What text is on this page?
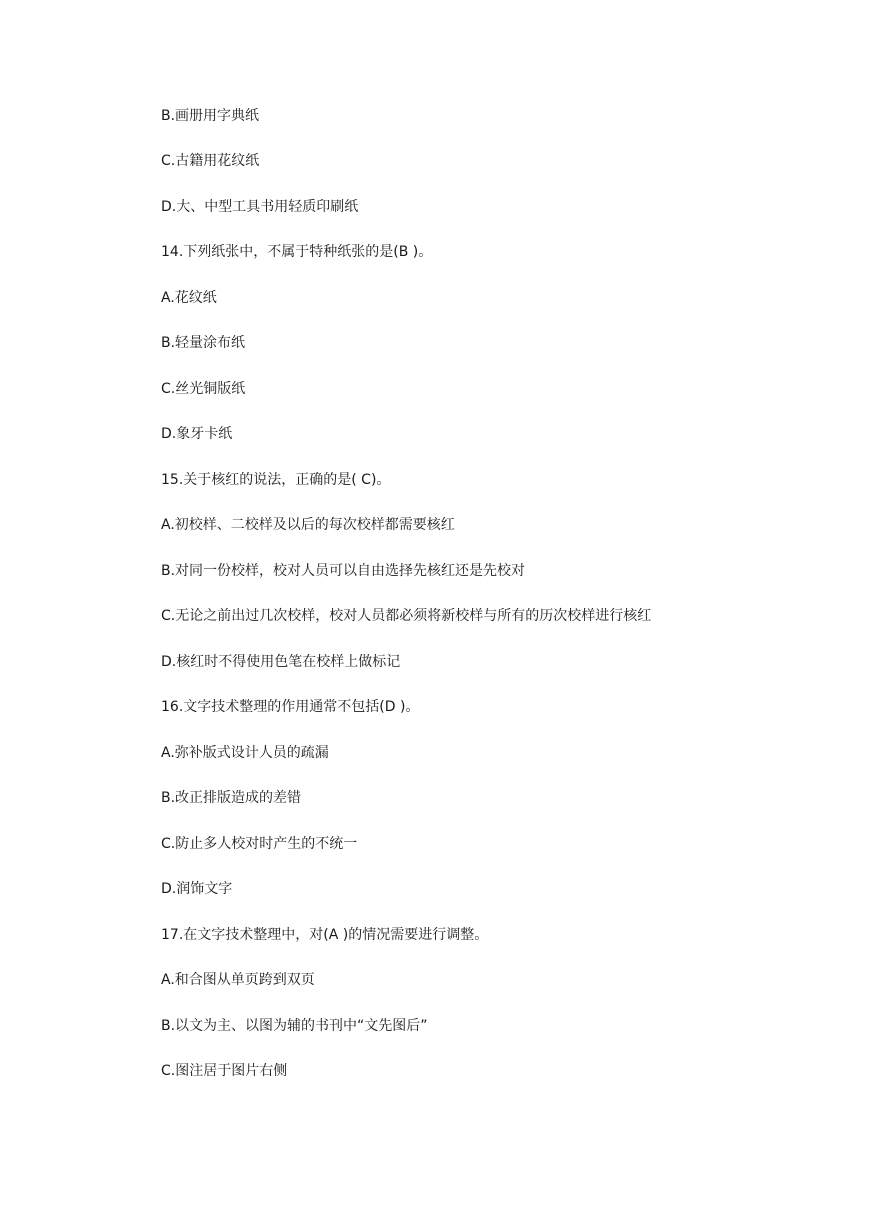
B.画册用字典纸
C.古籍用花纹纸
D.大、中型工具书用轻质印刷纸
14.下列纸张中，不属于特种纸张的是(B )。
A.花纹纸
B.轻量涂布纸
C.丝光铜版纸
D.象牙卡纸
15.关于核红的说法，正确的是( C)。
A.初校样、二校样及以后的每次校样都需要核红
B.对同一份校样，校对人员可以自由选择先核红还是先校对
C.无论之前出过几次校样，校对人员都必须将新校样与所有的历次校样进行核红
D.核红时不得使用色笔在校样上做标记
16.文字技术整理的作用通常不包括(D )。
A.弥补版式设计人员的疏漏
B.改正排版造成的差错
C.防止多人校对时产生的不统一
D.润饰文字
17.在文字技术整理中，对(A )的情况需要进行调整。
A.和合图从单页跨到双页
B.以文为主、以图为辅的书刊中“文先图后”
C.图注居于图片右侧
